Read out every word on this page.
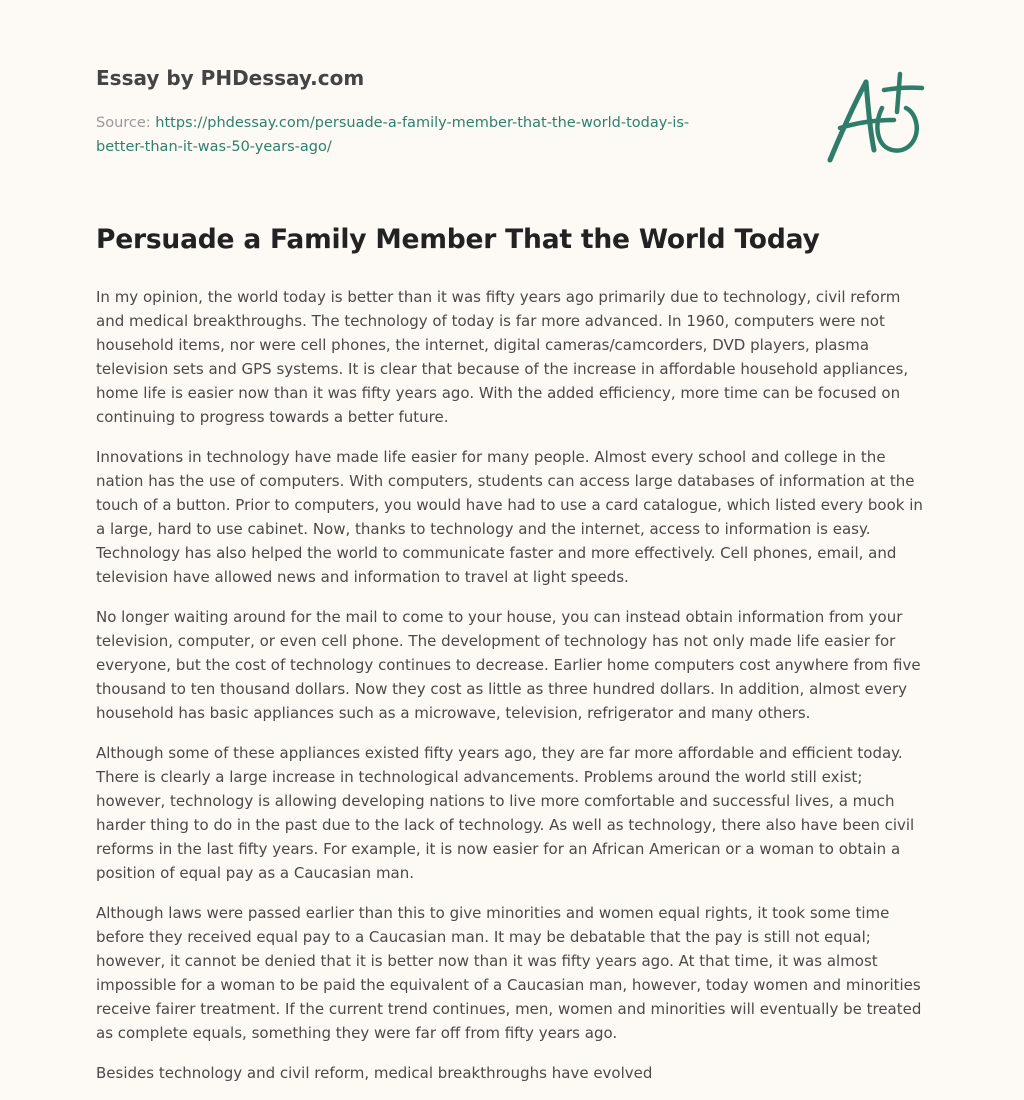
Essay by PHDessay.com

Source: https://phdessay.com/persuade-a-family-member-that-the-world-today-is-
better-than-it-was-50-years-ago/

Persuade a Family Member That the World Today

In my opinion, the world today is better than it was fifty years ago primarily due to technology, civil reform and medical breakthroughs. The technology of today is far more advanced. In 1960, computers were not household items, nor were cell phones, the internet, digital cameras/camcorders, DVD players, plasma television sets and GPS systems. It is clear that because of the increase in affordable household appliances, home life is easier now than it was fifty years ago. With the added efficiency, more time can be focused on continuing to progress towards a better future.

Innovations in technology have made life easier for many people. Almost every school and college in the nation has the use of computers. With computers, students can access large databases of information at the touch of a button. Prior to computers, you would have had to use a card catalogue, which listed every book in a large, hard to use cabinet. Now, thanks to technology and the internet, access to information is easy. Technology has also helped the world to communicate faster and more effectively. Cell phones, email, and television have allowed news and information to travel at light speeds.

No longer waiting around for the mail to come to your house, you can instead obtain information from your television, computer, or even cell phone. The development of technology has not only made life easier for everyone, but the cost of technology continues to decrease. Earlier home computers cost anywhere from five thousand to ten thousand dollars. Now they cost as little as three hundred dollars. In addition, almost every household has basic appliances such as a microwave, television, refrigerator and many others.

Although some of these appliances existed fifty years ago, they are far more affordable and efficient today. There is clearly a large increase in technological advancements. Problems around the world still exist; however, technology is allowing developing nations to live more comfortable and successful lives, a much harder thing to do in the past due to the lack of technology. As well as technology, there also have been civil reforms in the last fifty years. For example, it is now easier for an African American or a woman to obtain a position of equal pay as a Caucasian man.

Although laws were passed earlier than this to give minorities and women equal rights, it took some time before they received equal pay to a Caucasian man. It may be debatable that the pay is still not equal; however, it cannot be denied that it is better now than it was fifty years ago. At that time, it was almost impossible for a woman to be paid the equivalent of a Caucasian man, however, today women and minorities receive fairer treatment. If the current trend continues, men, women and minorities will eventually be treated as complete equals, something they were far off from fifty years ago.

Besides technology and civil reform, medical breakthroughs have evolved
